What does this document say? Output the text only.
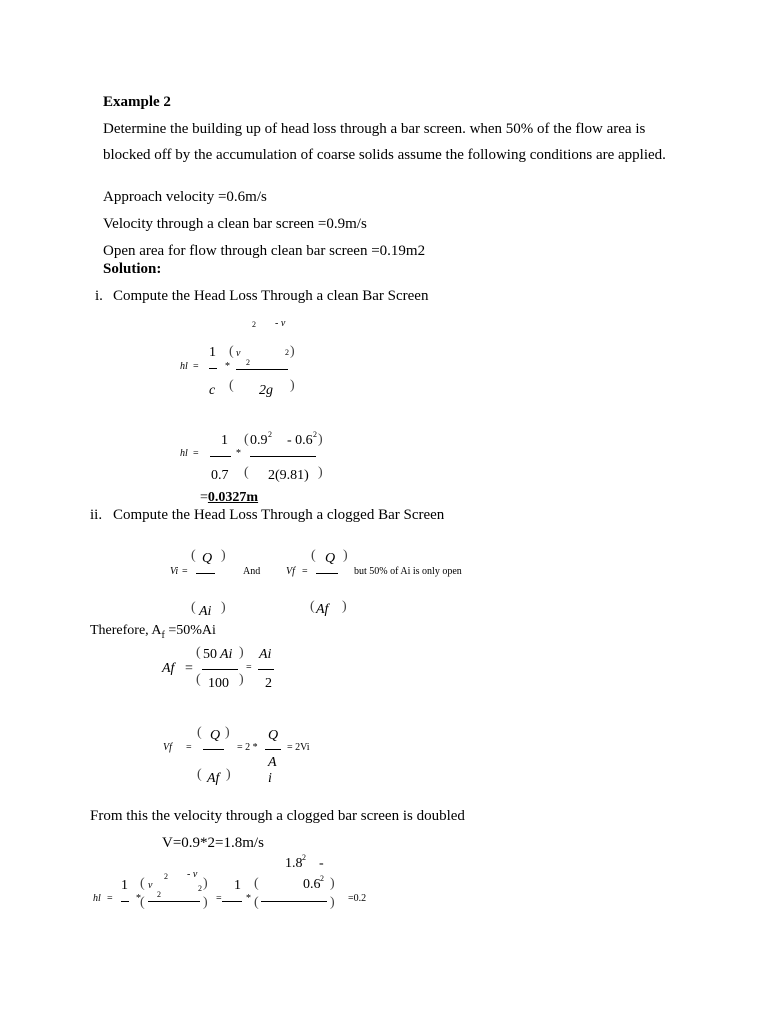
Example 2
Determine the building up of head loss through a bar screen. when 50% of the flow area is
blocked off by the accumulation of coarse solids assume the following conditions are applied.
Approach velocity =0.6m/s
Velocity through a clean bar screen =0.9m/s
Open area for flow through clean bar screen =0.19m2
Solution:
i. Compute the Head Loss Through a clean Bar Screen
2 - v
hl =
1
c
*
(
(
v
2
2
2g
)
)
hl =
1
0.7
*
(
(
0.9 2 - 0.6 2
2(9.81)
)
)
=0.0327m
ii. Compute the Head Loss Through a clogged Bar Screen
Vi =
( Q )
( Ai )
And	Vf =
( Q )
( Af )
but 50% of Ai is only open
Therefore, $A_f =50\%Ai$
Af =
(
(
50 Ai
100
)
)
=
Ai
2
Vf =
( Q )
( Af )
= 2 *
Q
A
i
= 2Vi
From this the velocity through a clogged bar screen is doubled
V=0.9*2=1.8m/s
1.8 2 -
hl =
1
*
(
(
2 - v
v
2
2 )
) =
1
*
(
(
0.6 2 )
) =0.2
